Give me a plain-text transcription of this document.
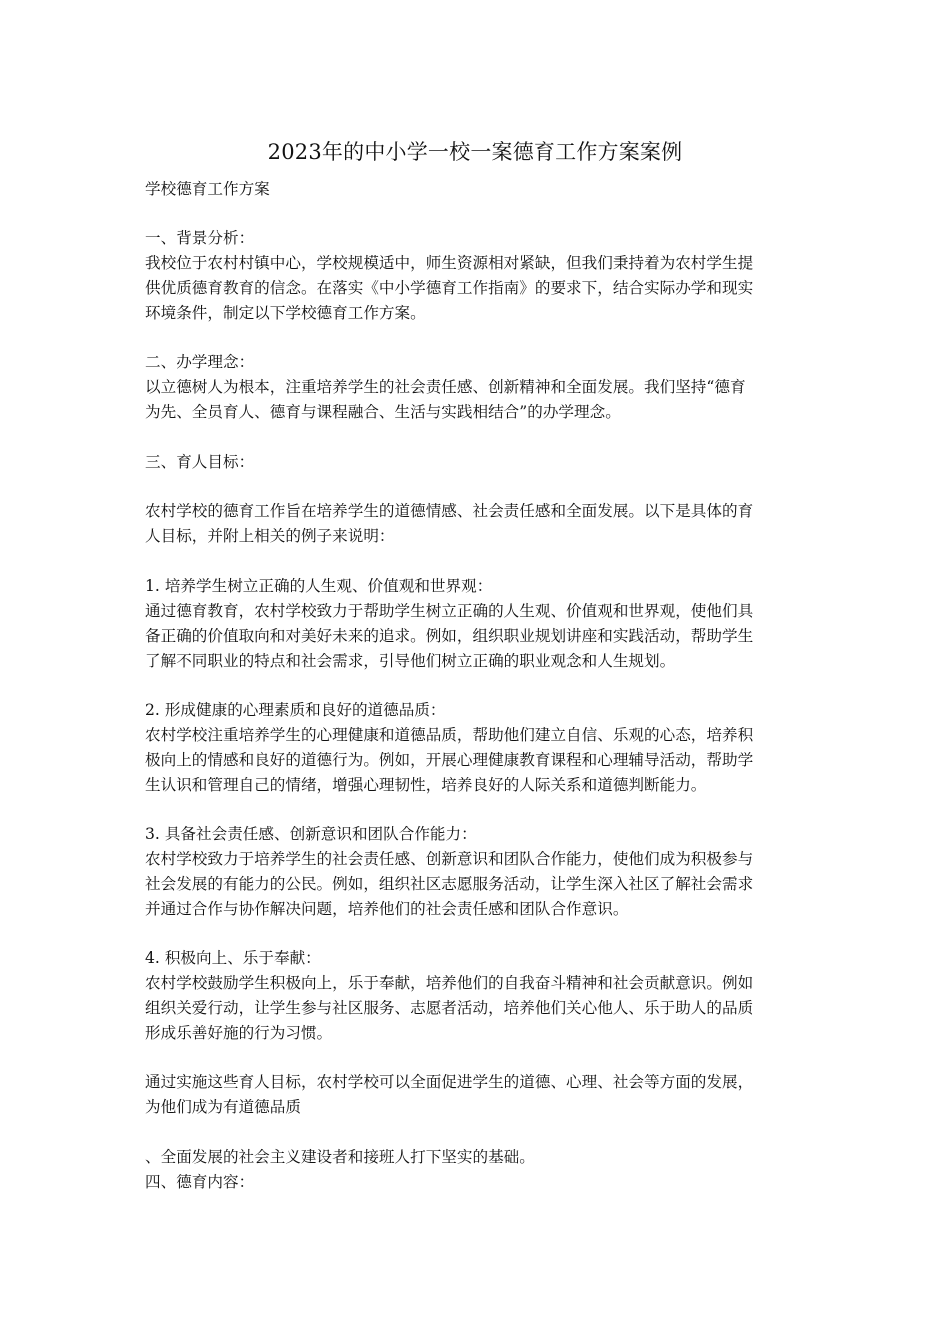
2023年的中小学一校一案德育工作方案案例
学校德育工作方案
一、背景分析：
我校位于农村村镇中心，学校规模适中，师生资源相对紧缺，但我们秉持着为农村学生提
供优质德育教育的信念。在落实《中小学德育工作指南》的要求下，结合实际办学和现实
环境条件，制定以下学校德育工作方案。
二、办学理念：
以立德树人为根本，注重培养学生的社会责任感、创新精神和全面发展。我们坚持“德育
为先、全员育人、德育与课程融合、生活与实践相结合”的办学理念。
三、育人目标：
农村学校的德育工作旨在培养学生的道德情感、社会责任感和全面发展。以下是具体的育
人目标，并附上相关的例子来说明：
1. 培养学生树立正确的人生观、价值观和世界观：
通过德育教育，农村学校致力于帮助学生树立正确的人生观、价值观和世界观，使他们具
备正确的价值取向和对美好未来的追求。例如，组织职业规划讲座和实践活动，帮助学生
了解不同职业的特点和社会需求，引导他们树立正确的职业观念和人生规划。
2. 形成健康的心理素质和良好的道德品质：
农村学校注重培养学生的心理健康和道德品质，帮助他们建立自信、乐观的心态，培养积
极向上的情感和良好的道德行为。例如，开展心理健康教育课程和心理辅导活动，帮助学
生认识和管理自己的情绪，增强心理韧性，培养良好的人际关系和道德判断能力。
3. 具备社会责任感、创新意识和团队合作能力：
农村学校致力于培养学生的社会责任感、创新意识和团队合作能力，使他们成为积极参与
社会发展的有能力的公民。例如，组织社区志愿服务活动，让学生深入社区了解社会需求
并通过合作与协作解决问题，培养他们的社会责任感和团队合作意识。
4. 积极向上、乐于奉献：
农村学校鼓励学生积极向上，乐于奉献，培养他们的自我奋斗精神和社会贡献意识。例如
组织关爱行动，让学生参与社区服务、志愿者活动，培养他们关心他人、乐于助人的品质
形成乐善好施的行为习惯。
通过实施这些育人目标，农村学校可以全面促进学生的道德、心理、社会等方面的发展，
为他们成为有道德品质
、全面发展的社会主义建设者和接班人打下坚实的基础。
四、德育内容：
